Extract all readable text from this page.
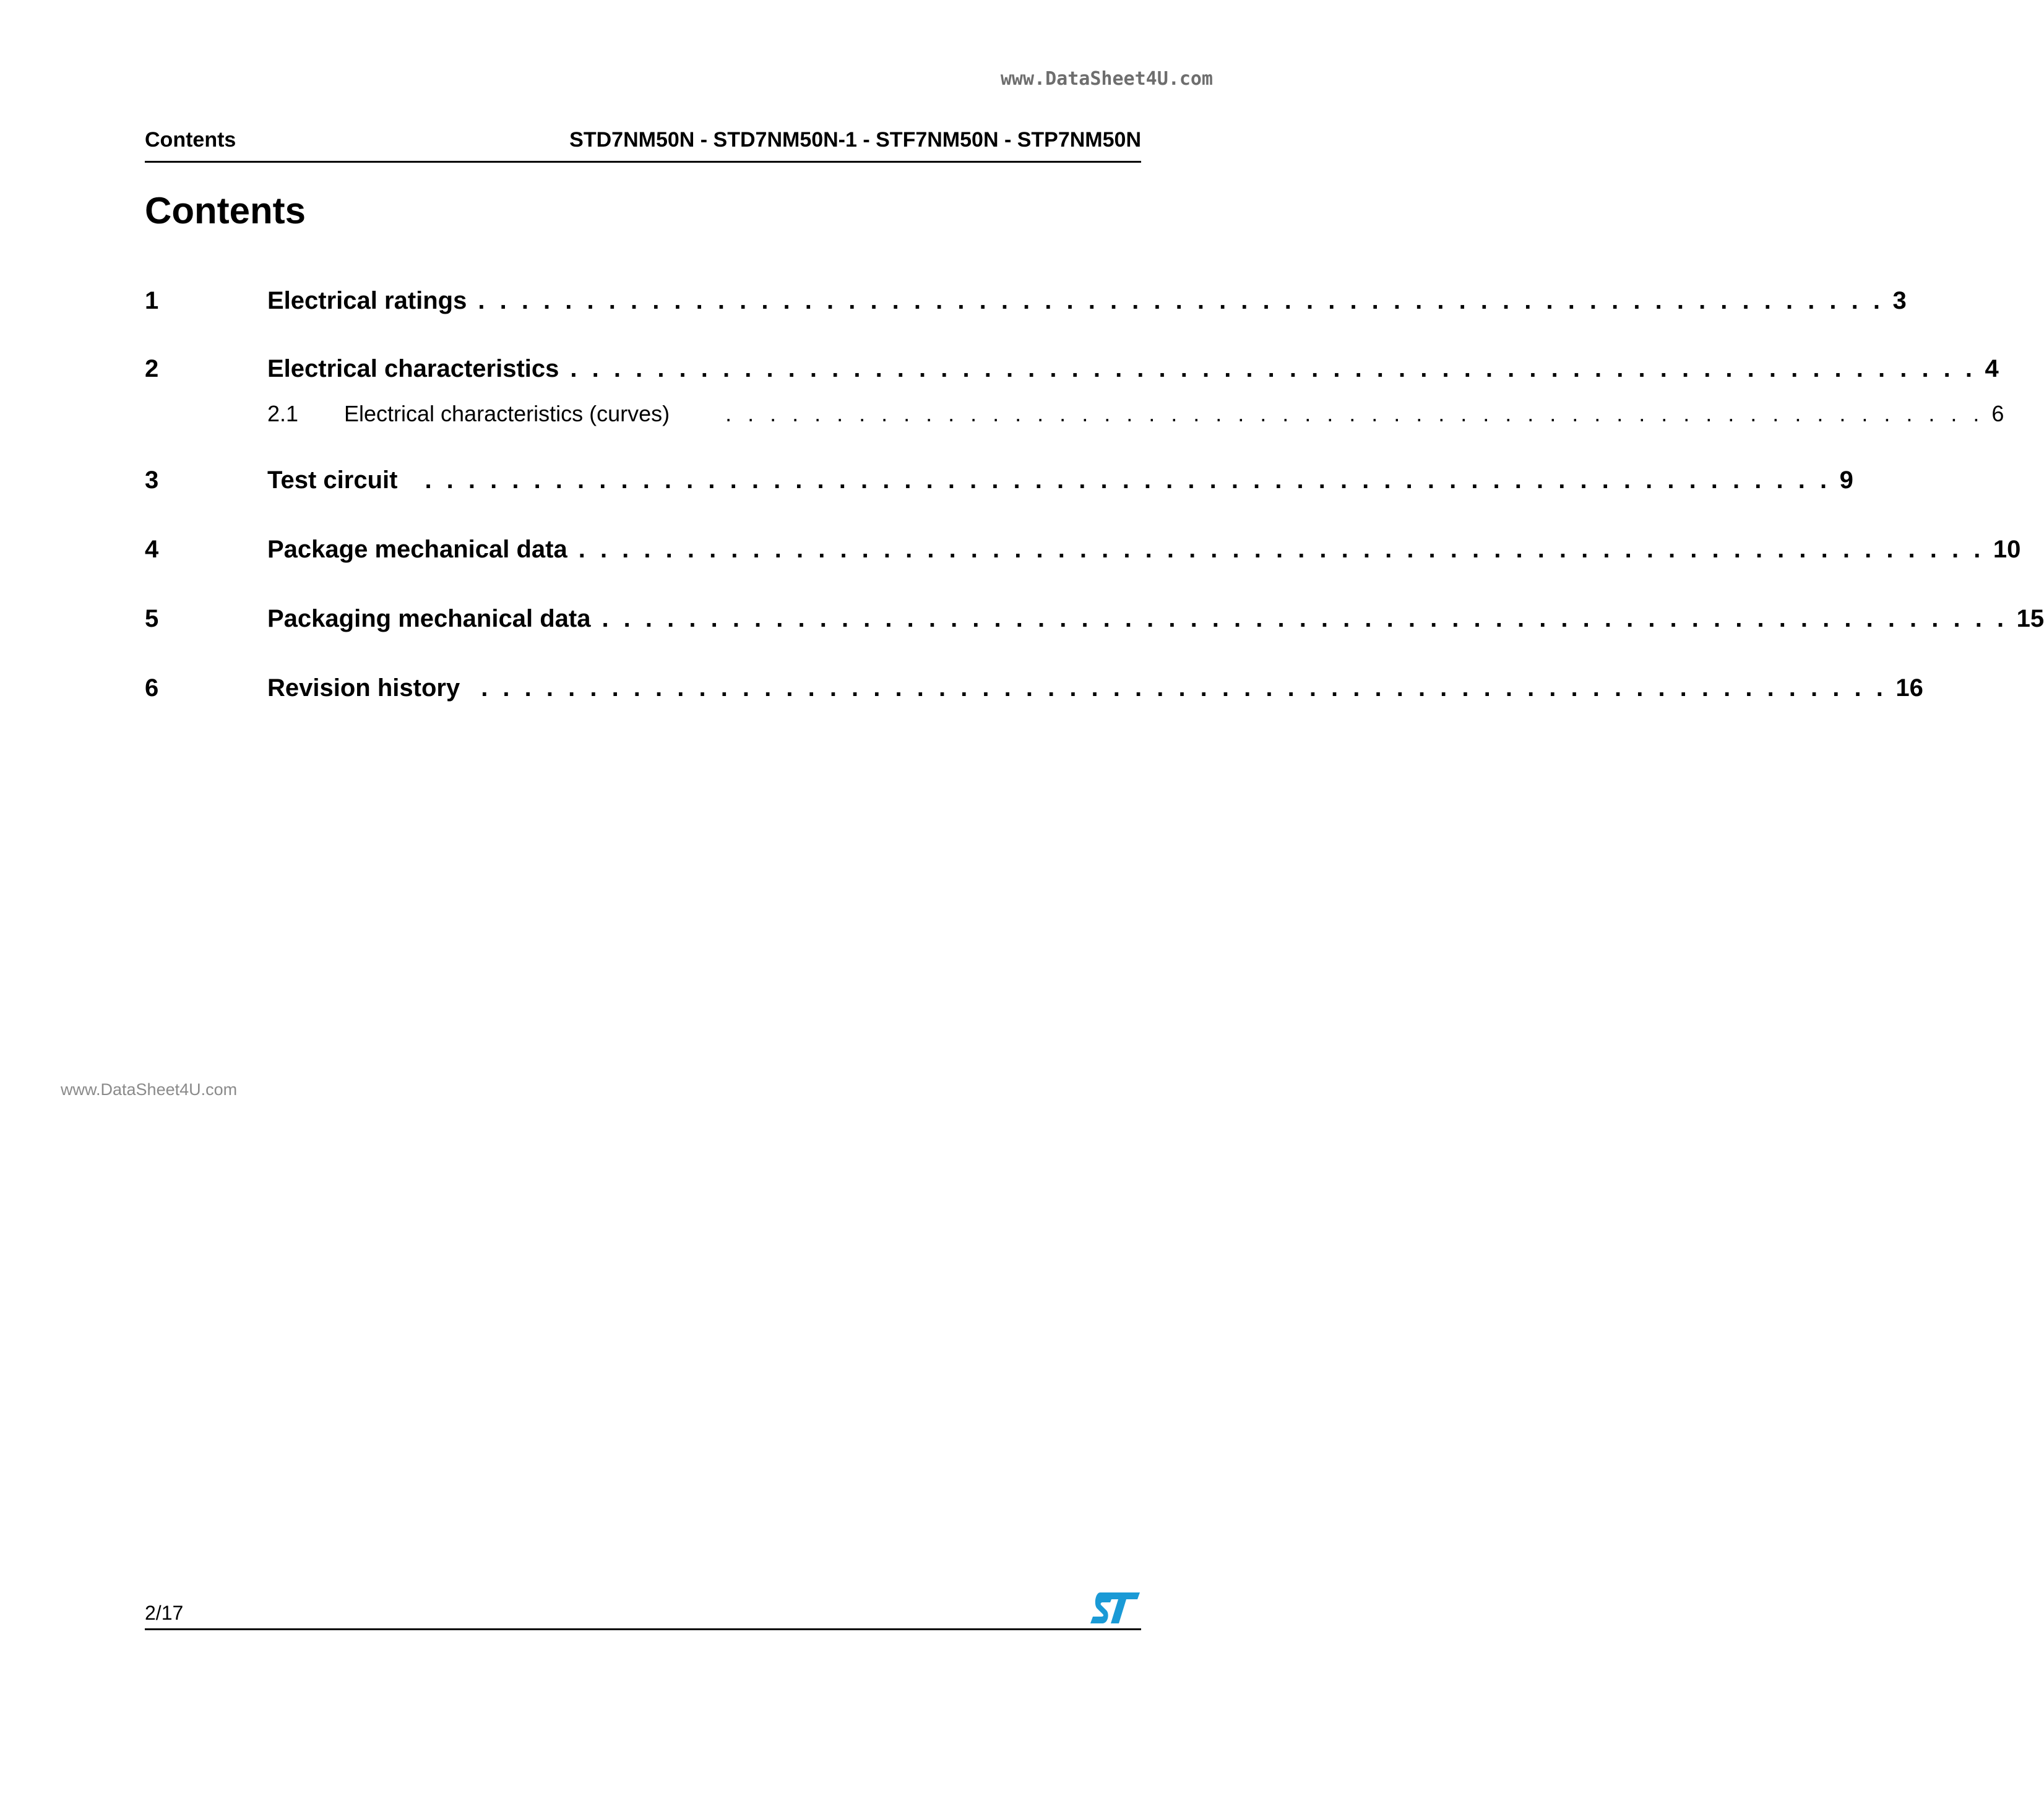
www.DataSheet4U.com
Contents	STD7NM50N - STD7NM50N-1 - STF7NM50N - STP7NM50N
Contents
1	Electrical ratings . . . . . . . . . . . . . . . . . . . . . . . . . . . . . . . . . . . . . . . . . . . . . . . . . . . . . . . . . . . . . . . . . 3
2	Electrical characteristics . . . . . . . . . . . . . . . . . . . . . . . . . . . . . . . . . . . . . . . . . . . . . . . . . . . . . . . . . . . . . . . . . 4
2.1 Electrical characteristics (curves)	. . . . . . . . . . . . . . . . . . . . . . . . . . . . . . . . . . . . . . . . . . . . . . . . . . . . . . . . . 6
3	Test circuit	. . . . . . . . . . . . . . . . . . . . . . . . . . . . . . . . . . . . . . . . . . . . . . . . . . . . . . . . . . . . . . . . . 9
4	Package mechanical data . . . . . . . . . . . . . . . . . . . . . . . . . . . . . . . . . . . . . . . . . . . . . . . . . . . . . . . . . . . . . . . . . 10
5	Packaging mechanical data . . . . . . . . . . . . . . . . . . . . . . . . . . . . . . . . . . . . . . . . . . . . . . . . . . . . . . . . . . . . . . . . . 15
6	Revision history . . . . . . . . . . . . . . . . . . . . . . . . . . . . . . . . . . . . . . . . . . . . . . . . . . . . . . . . . . . . . . . . . 16
www.DataSheet4U.com
2/17
